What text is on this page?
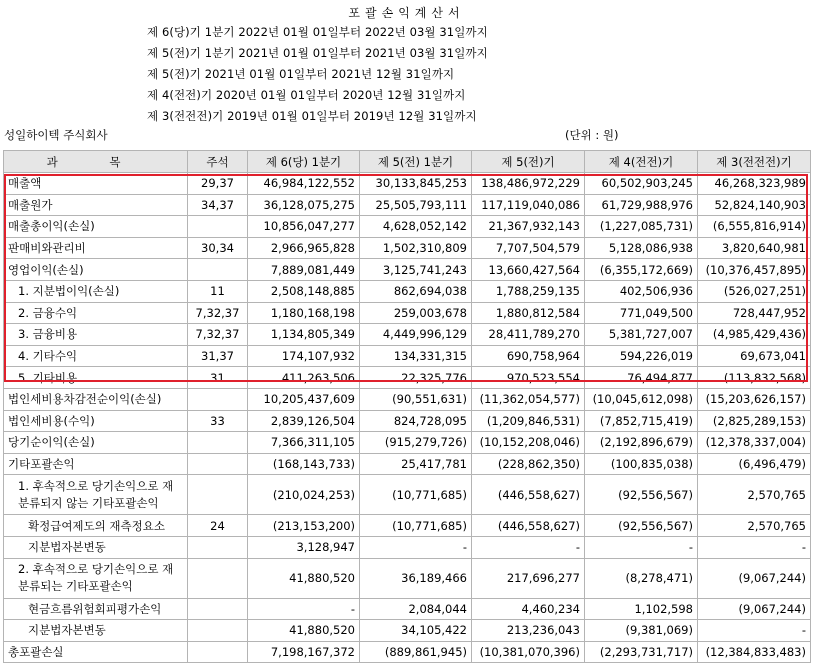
포괄손익계산서
제 6(당)기 1분기 2022년 01월 01일부터 2022년 03월 31일까지
제 5(전)기 1분기 2021년 01월 01일부터 2021년 03월 31일까지
제 5(전)기 2021년 01월 01일부터 2021년 12월 31일까지
제 4(전전)기 2020년 01월 01일부터 2020년 12월 31일까지
제 3(전전전)기 2019년 01월 01일부터 2019년 12월 31일까지
성일하이텍 주식회사	(단위 : 원)
과 목	주석	제 6(당) 1분기	제 5(전) 1분기	제 5(전)기	제 4(전전)기	제 3(전전전)기
매출액	29,37	46,984,122,552	30,133,845,253	138,486,972,229	60,502,903,245	46,268,323,989
매출원가	34,37	36,128,075,275	25,505,793,111	117,119,040,086	61,729,988,976	52,824,140,903
매출총이익(손실)		10,856,047,277	4,628,052,142	21,367,932,143	(1,227,085,731)	(6,555,816,914)
판매비와관리비	30,34	2,966,965,828	1,502,310,809	7,707,504,579	5,128,086,938	3,820,640,981
영업이익(손실)		7,889,081,449	3,125,741,243	13,660,427,564	(6,355,172,669)	(10,376,457,895)
1. 지분법이익(손실)	11	2,508,148,885	862,694,038	1,788,259,135	402,506,936	(526,027,251)
2. 금융수익	7,32,37	1,180,168,198	259,003,678	1,880,812,584	771,049,500	728,447,952
3. 금융비용	7,32,37	1,134,805,349	4,449,996,129	28,411,789,270	5,381,727,007	(4,985,429,436)
4. 기타수익	31,37	174,107,932	134,331,315	690,758,964	594,226,019	69,673,041
5. 기타비용	31	411,263,506	22,325,776	970,523,554	76,494,877	(113,832,568)
법인세비용차감전순이익(손실)		10,205,437,609	(90,551,631)	(11,362,054,577)	(10,045,612,098)	(15,203,626,157)
법인세비용(수익)	33	2,839,126,504	824,728,095	(1,209,846,531)	(7,852,715,419)	(2,825,289,153)
당기순이익(손실)		7,366,311,105	(915,279,726)	(10,152,208,046)	(2,192,896,679)	(12,378,337,004)
기타포괄손익		(168,143,733)	25,417,781	(228,862,350)	(100,835,038)	(6,496,479)
1. 후속적으로 당기손익으로 재분류되지 않는 기타포괄손익		(210,024,253)	(10,771,685)	(446,558,627)	(92,556,567)	2,570,765
확정급여제도의 재측정요소	24	(213,153,200)	(10,771,685)	(446,558,627)	(92,556,567)	2,570,765
지분법자본변동		3,128,947	-	-	-	-
2. 후속적으로 당기손익으로 재분류되는 기타포괄손익		41,880,520	36,189,466	217,696,277	(8,278,471)	(9,067,244)
현금흐름위험회피평가손익		-	2,084,044	4,460,234	1,102,598	(9,067,244)
지분법자본변동		41,880,520	34,105,422	213,236,043	(9,381,069)	-
총포괄손실		7,198,167,372	(889,861,945)	(10,381,070,396)	(2,293,731,717)	(12,384,833,483)
